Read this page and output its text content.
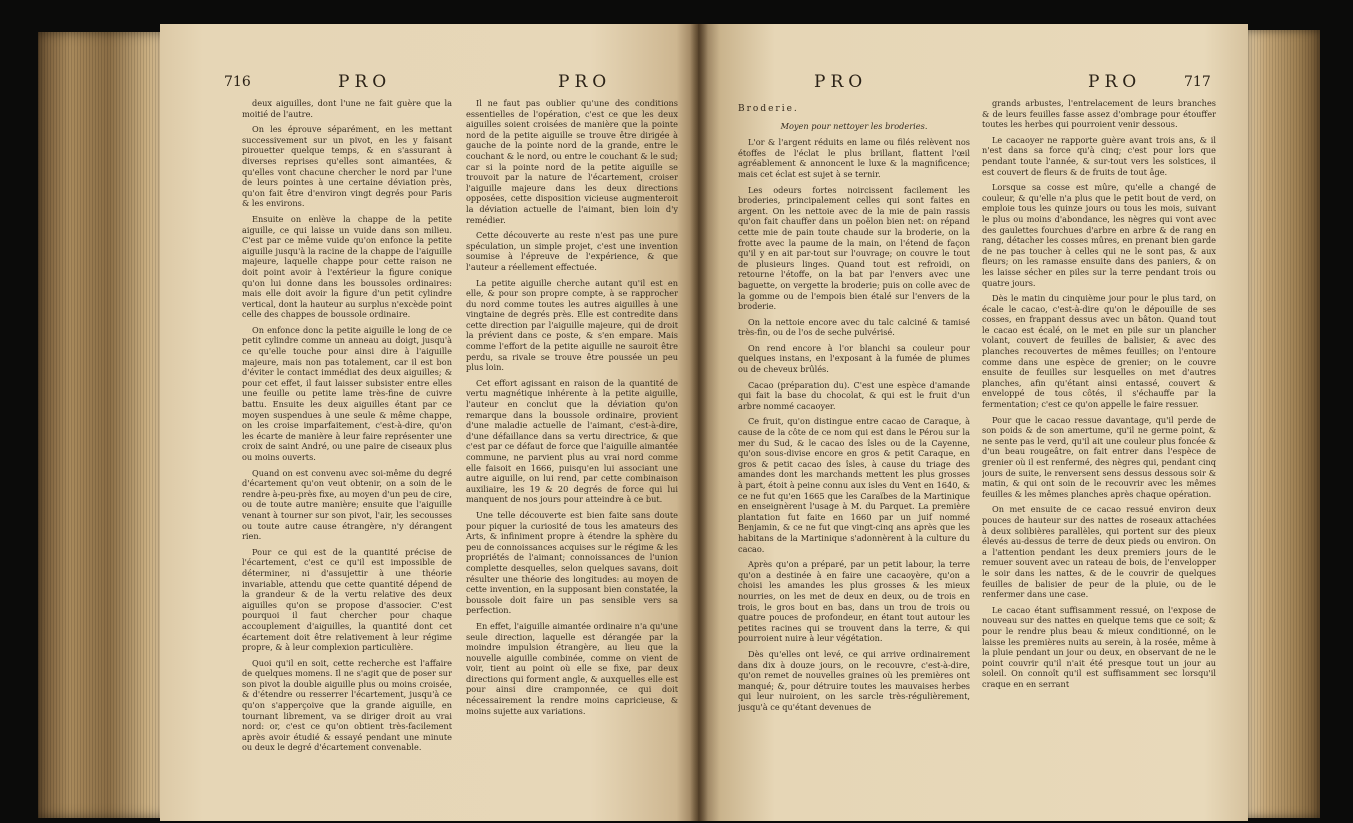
716	PRO	PRO

deux aiguilles, dont l'une ne fait guère que la moitié de l'autre.

On les éprouve séparément, en les mettant successivement sur un pivot, en les y faisant pirouetter quelque temps, & en s'assurant à diverses reprises qu'elles sont aimantées, & qu'elles vont chacune chercher le nord par l'une de leurs pointes à une certaine déviation près, qu'on fait être d'environ vingt degrés pour Paris & les environs.

Ensuite on enlève la chappe de la petite aiguille, ce qui laisse un vuide dans son milieu. C'est par ce même vuide qu'on enfonce la petite aiguille jusqu'à la racine de la chappe de l'aiguille majeure, laquelle chappe pour cette raison ne doit point avoir à l'extérieur la figure conique qu'on lui donne dans les boussoles ordinaires: mais elle doit avoir la figure d'un petit cylindre vertical, dont la hauteur au surplus n'excède point celle des chappes de boussole ordinaire.

On enfonce donc la petite aiguille le long de ce petit cylindre comme un anneau au doigt, jusqu'à ce qu'elle touche pour ainsi dire à l'aiguille majeure, mais non pas totalement, car il est bon d'éviter le contact immédiat des deux aiguilles; & pour cet effet, il faut laisser subsister entre elles une feuille ou petite lame très-fine de cuivre battu. Ensuite les deux aiguilles étant par ce moyen suspendues à une seule & même chappe, on les croise imparfaitement, c'est-à-dire, qu'on les écarte de manière à leur faire représenter une croix de saint André, ou une paire de ciseaux plus ou moins ouverts.

Quand on est convenu avec soi-même du degré d'écartement qu'on veut obtenir, on a soin de le rendre à-peu-près fixe, au moyen d'un peu de cire, ou de toute autre manière; ensuite que l'aiguille venant à tourner sur son pivot, l'air, les secousses ou toute autre cause étrangère, n'y dérangent rien.

Pour ce qui est de la quantité précise de l'écartement, c'est ce qu'il est impossible de déterminer, ni d'assujettir à une théorie invariable, attendu que cette quantité dépend de la grandeur & de la vertu relative des deux aiguilles qu'on se propose d'associer. C'est pourquoi il faut chercher pour chaque accouplement d'aiguilles, la quantité dont cet écartement doit être relativement à leur régime propre, & à leur complexion particulière.

Quoi qu'il en soit, cette recherche est l'affaire de quelques momens. Il ne s'agit que de poser sur son pivot la double aiguille plus ou moins croisée, & d'étendre ou resserrer l'écartement, jusqu'à ce qu'on s'apperçoive que la grande aiguille, en tournant librement, va se diriger droit au vrai nord: or, c'est ce qu'on obtient très-facilement après avoir étudié & essayé pendant une minute ou deux le degré d'écartement convenable.

Il ne faut pas oublier qu'une des conditions essentielles de l'opération, c'est ce que les deux aiguilles soient croisées de manière que la pointe nord de la petite aiguille se trouve être dirigée à gauche de la pointe nord de la grande, entre le couchant & le nord, ou entre le couchant & le sud; car si la pointe nord de la petite aiguille se trouvoit par la nature de l'écartement, croiser l'aiguille majeure dans les deux directions opposées, cette disposition vicieuse augmenteroit la déviation actuelle de l'aimant, bien loin d'y remédier.

Cette découverte au reste n'est pas une pure spéculation, un simple projet, c'est une invention soumise à l'épreuve de l'expérience, & que l'auteur a réellement effectuée.

La petite aiguille cherche autant qu'il est en elle, & pour son propre compte, à se rapprocher du nord comme toutes les autres aiguilles à une vingtaine de degrés près. Elle est contredite dans cette direction par l'aiguille majeure, qui de droit la prévient dans ce poste, & s'en empare. Mais comme l'effort de la petite aiguille ne sauroit être perdu, sa rivale se trouve être poussée un peu plus loin.

Cet effort agissant en raison de la quantité de vertu magnétique inhérente à la petite aiguille, l'auteur en conclut que la déviation qu'on remarque dans la boussole ordinaire, provient d'une maladie actuelle de l'aimant, c'est-à-dire, d'une défaillance dans sa vertu directrice, & que c'est par ce défaut de force que l'aiguille aimantée commune, ne parvient plus au vrai nord comme elle faisoit en 1666, puisqu'en lui associant une autre aiguille, on lui rend, par cette combinaison auxiliaire, les 19 & 20 degrés de force qui lui manquent de nos jours pour atteindre à ce but.

Une telle découverte est bien faite sans doute pour piquer la curiosité de tous les amateurs des Arts, & infiniment propre à étendre la sphère du peu de connoissances acquises sur le régime & les propriétés de l'aimant; connoissances de l'union complette desquelles, selon quelques savans, doit résulter une théorie des longitudes: au moyen de cette invention, en la supposant bien constatée, la boussole doit faire un pas sensible vers sa perfection.

En effet, l'aiguille aimantée ordinaire n'a qu'une seule direction, laquelle est dérangée par la moindre impulsion étrangère, au lieu que la nouvelle aiguille combinée, comme on vient de voir, tient au point où elle se fixe, par deux directions qui forment angle, & auxquelles elle est pour ainsi dire cramponnée, ce qui doit nécessairement la rendre moins capricieuse, & moins sujette aux variations.

PRO	PRO	717

Broderie.

Moyen pour nettoyer les broderies.

L'or & l'argent réduits en lame ou filés relèvent nos étoffes de l'éclat le plus brillant, flattent l'œil agréablement & annoncent le luxe & la magnificence; mais cet éclat est sujet à se ternir.

Les odeurs fortes noircissent facilement les broderies, principalement celles qui sont faites en argent. On les nettoie avec de la mie de pain rassis qu'on fait chauffer dans un poëlon bien net: on répand cette mie de pain toute chaude sur la broderie, on la frotte avec la paume de la main, on l'étend de façon qu'il y en ait par-tout sur l'ouvrage; on couvre le tout de plusieurs linges. Quand tout est refroidi, on retourne l'étoffe, on la bat par l'envers avec une baguette, on vergette la broderie; puis on colle avec de la gomme ou de l'empois bien étalé sur l'envers de la broderie.

On la nettoie encore avec du talc calciné & tamisé très-fin, ou de l'os de seche pulvérisé.

On rend encore à l'or blanchi sa couleur pour quelques instans, en l'exposant à la fumée de plumes ou de cheveux brûlés.

Cacao (préparation du). C'est une espèce d'amande qui fait la base du chocolat, & qui est le fruit d'un arbre nommé cacaoyer.

Ce fruit, qu'on distingue entre cacao de Caraque, à cause de la côte de ce nom qui est dans le Pérou sur la mer du Sud, & le cacao des îsles ou de la Cayenne, qu'on sous-divise encore en gros & petit Caraque, en gros & petit cacao des îsles, à cause du triage des amandes dont les marchands mettent les plus grosses à part, étoit à peine connu aux isles du Vent en 1640, & ce ne fut qu'en 1665 que les Caraïbes de la Martinique en enseignèrent l'usage à M. du Parquet. La première plantation fut faite en 1660 par un juif nommé Benjamin, & ce ne fut que vingt-cinq ans après que les habitans de la Martinique s'adonnèrent à la culture du cacao.

Après qu'on a préparé, par un petit labour, la terre qu'on a destinée à en faire une cacaoyère, qu'on a choisi les amandes les plus grosses & les mieux nourries, on les met de deux en deux, ou de trois en trois, le gros bout en bas, dans un trou de trois ou quatre pouces de profondeur, en étant tout autour les petites racines qui se trouvent dans la terre, & qui pourroient nuire à leur végétation.

Dès qu'elles ont levé, ce qui arrive ordinairement dans dix à douze jours, on le recouvre, c'est-à-dire, qu'on remet de nouvelles graines où les premières ont manqué; &, pour détruire toutes les mauvaises herbes qui leur nuiroient, on les sarcle très-régulièrement, jusqu'à ce qu'étant devenues de

grands arbustes, l'entrelacement de leurs branches & de leurs feuilles fasse assez d'ombrage pour étouffer toutes les herbes qui pourroient venir dessous.

Le cacaoyer ne rapporte guère avant trois ans, & il n'est dans sa force qu'à cinq; c'est pour lors que pendant toute l'année, & sur-tout vers les solstices, il est couvert de fleurs & de fruits de tout âge.

Lorsque sa cosse est mûre, qu'elle a changé de couleur, & qu'elle n'a plus que le petit bout de verd, on emploie tous les quinze jours ou tous les mois, suivant le plus ou moins d'abondance, les nègres qui vont avec des gaulettes fourchues d'arbre en arbre & de rang en rang, détacher les cosses mûres, en prenant bien garde de ne pas toucher à celles qui ne le sont pas, & aux fleurs; on les ramasse ensuite dans des paniers, & on les laisse sécher en piles sur la terre pendant trois ou quatre jours.

Dès le matin du cinquième jour pour le plus tard, on écale le cacao, c'est-à-dire qu'on le dépouille de ses cosses, en frappant dessus avec un bâton. Quand tout le cacao est écalé, on le met en pile sur un plancher volant, couvert de feuilles de balisier, & avec des planches recouvertes de mêmes feuilles; on l'entoure comme dans une espèce de grenier; on le couvre ensuite de feuilles sur lesquelles on met d'autres planches, afin qu'étant ainsi entassé, couvert & enveloppé de tous côtés, il s'échauffe par la fermentation; c'est ce qu'on appelle le faire ressuer.

Pour que le cacao ressue davantage, qu'il perde de son poids & de son amertume, qu'il ne germe point, & ne sente pas le verd, qu'il ait une couleur plus foncée & d'un beau rougeâtre, on fait entrer dans l'espèce de grenier où il est renfermé, des nègres qui, pendant cinq jours de suite, le renversent sens dessus dessous soir & matin, & qui ont soin de le recouvrir avec les mêmes feuilles & les mêmes planches après chaque opération.

On met ensuite de ce cacao ressué environ deux pouces de hauteur sur des nattes de roseaux attachées à deux solibières parallèles, qui portent sur des pieux élevés au-dessus de terre de deux pieds ou environ. On a l'attention pendant les deux premiers jours de le remuer souvent avec un rateau de bois, de l'envelopper le soir dans les nattes, & de le couvrir de quelques feuilles de balisier de peur de la pluie, ou de le renfermer dans une case.

Le cacao étant suffisamment ressué, on l'expose de nouveau sur des nattes en quelque tems que ce soit; & pour le rendre plus beau & mieux conditionné, on le laisse les premières nuits au serein, à la rosée, même à la pluie pendant un jour ou deux, en observant de ne le point couvrir qu'il n'ait été presque tout un jour au soleil. On connoît qu'il est suffisamment sec lorsqu'il craque en en serrant
